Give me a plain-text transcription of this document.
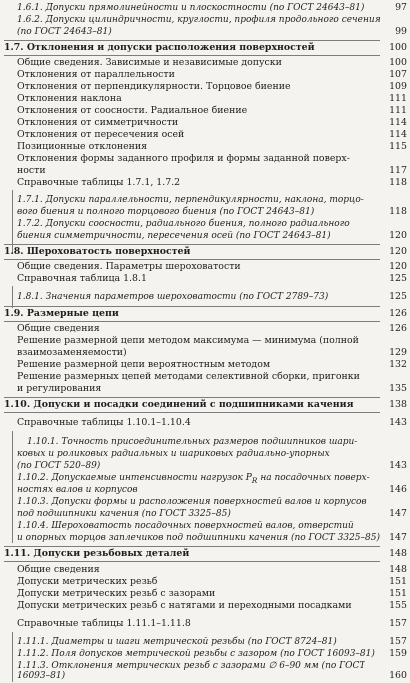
1.6.1. Допуски прямолинейности и плоскостности (по ГОСТ 24643–81)	97
1.6.2. Допуски цилиндричности, круглости, профиля продольного сечения
(по ГОСТ 24643–81)	99
1.7. Отклонения и допуски расположения поверхностей	100
Общие сведения. Зависимые и независимые допуски	100
Отклонения от параллельности	107
Отклонения от перпендикулярности. Торцовое биение	109
Отклонения наклона	111
Отклонения от соосности. Радиальное биение	111
Отклонения от симметричности	114
Отклонения от пересечения осей	114
Позиционные отклонения	115
Отклонения формы заданного профиля и формы заданной поверх-
ности	117
Справочные таблицы 1.7.1, 1.7.2	118
1.7.1. Допуски параллельности, перпендикулярности, наклона, торцо-
вого биения и полного торцового биения (по ГОСТ 24643–81)	118
1.7.2. Допуски соосности, радиального биения, полного радиального
биения симметричности, пересечения осей (по ГОСТ 24643–81)	120
1.8. Шероховатость поверхностей	120
Общие сведения. Параметры шероховатости	120
Справочная таблица 1.8.1	125
1.8.1. Значения параметров шероховатости (по ГОСТ 2789–73)	125
1.9. Размерные цепи	126
Общие сведения	126
Решение размерной цепи методом максимума — минимума (полной
взаимозаменяемости)	129
Решение размерной цепи вероятностным методом	132
Решение размерных цепей методами селективной сборки, пригонки
и регулирования	135
1.10. Допуски и посадки соединений с подшипниками качения	138
Справочные таблицы 1.10.1–1.10.4	143
1.10.1. Точность присоединительных размеров подшипников шари-
ковых и роликовых радиальных и шариковых радиально-упорных
(по ГОСТ 520–89)	143
1.10.2. Допускаемые интенсивности нагрузок $P_R$ на посадочных поверх-
ностях валов и корпусов	146
1.10.3. Допуски формы и расположения поверхностей валов и корпусов
под подшипники качения (по ГОСТ 3325–85)	147
1.10.4. Шероховатость посадочных поверхностей валов, отверстий
и опорных торцов заплечиков под подшипники качения (по ГОСТ 3325–85) 147
1.11. Допуски резьбовых деталей	148
Общие сведения	148
Допуски метрических резьб	151
Допуски метрических резьб с зазорами	151
Допуски метрических резьб с натягами и переходными посадками	155
Справочные таблицы 1.11.1–1.11.8	157
1.11.1. Диаметры и шаги метрической резьбы (по ГОСТ 8724–81)	157
1.11.2. Поля допусков метрической резьбы с зазором (по ГОСТ 16093–81)	159
1.11.3. Отклонения метрических резьб с зазорами ∅ 6–90 мм (по ГОСТ
16093–81)	160
